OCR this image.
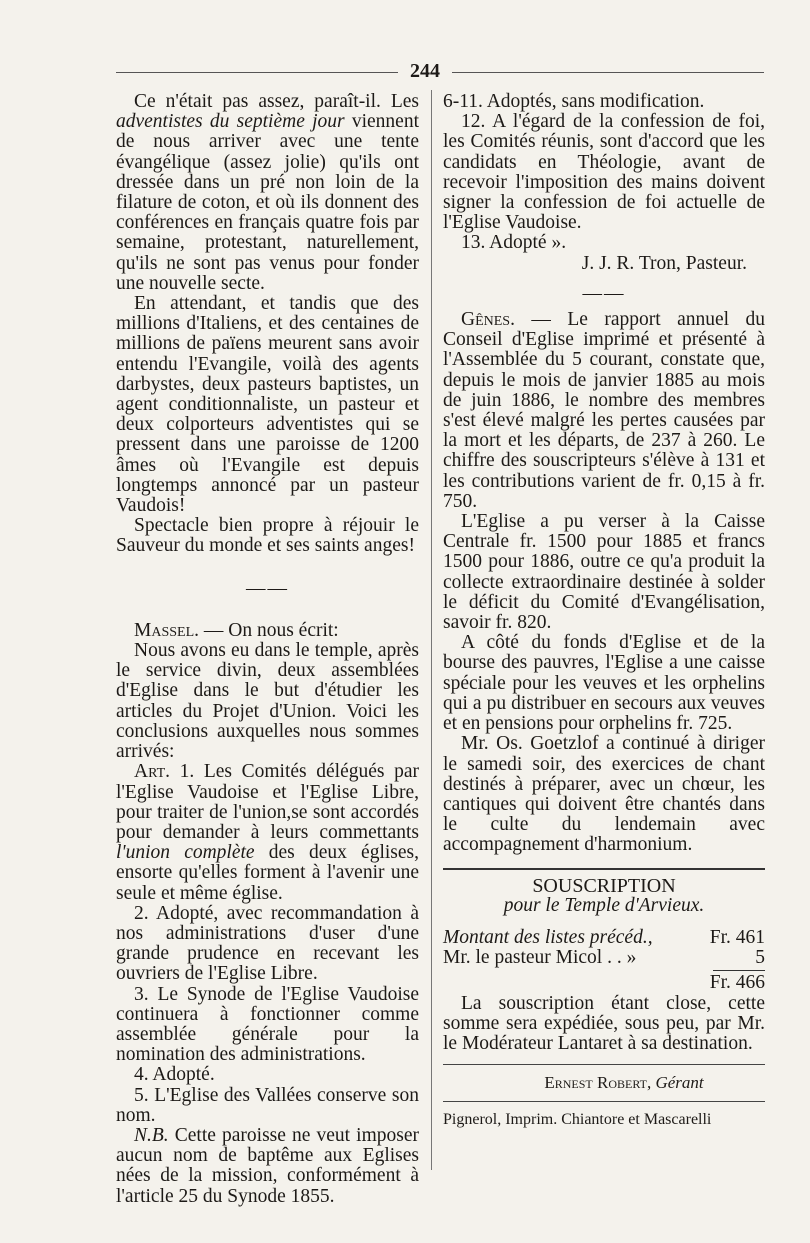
244

Ce n'était pas assez, paraît-il. Les adventistes du septième jour viennent de nous arriver avec une tente évangélique (assez jolie) qu'ils ont dressée dans un pré non loin de la filature de coton, et où ils donnent des conférences en français quatre fois par semaine, protestant, naturellement, qu'ils ne sont pas venus pour fonder une nouvelle secte.

En attendant, et tandis que des millions d'Italiens, et des centaines de millions de païens meurent sans avoir entendu l'Evangile, voilà des agents darbystes, deux pasteurs baptistes, un agent conditionnaliste, un pasteur et deux colporteurs adventistes qui se pressent dans une paroisse de 1200 âmes où l'Evangile est depuis longtemps annoncé par un pasteur Vaudois!

Spectacle bien propre à réjouir le Sauveur du monde et ses saints anges!

——

Massel. — On nous écrit:

Nous avons eu dans le temple, après le service divin, deux assemblées d'Eglise dans le but d'étudier les articles du Projet d'Union. Voici les conclusions auxquelles nous sommes arrivés:

Art. 1. Les Comités délégués par l'Eglise Vaudoise et l'Eglise Libre, pour traiter de l'union,se sont accordés pour demander à leurs commettants l'union complète des deux églises, ensorte qu'elles forment à l'avenir une seule et même église.

2. Adopté, avec recommandation à nos administrations d'user d'une grande prudence en recevant les ouvriers de l'Eglise Libre.

3. Le Synode de l'Eglise Vaudoise continuera à fonctionner comme assemblée générale pour la nomination des administrations.

4. Adopté.

5. L'Eglise des Vallées conserve son nom.

N.B. Cette paroisse ne veut imposer aucun nom de baptême aux Eglises nées de la mission, conformément à l'article 25 du Synode 1855.

6-11. Adoptés, sans modification.

12. A l'égard de la confession de foi, les Comités réunis, sont d'accord que les candidats en Théologie, avant de recevoir l'imposition des mains doivent signer la confession de foi actuelle de l'Eglise Vaudoise.

13. Adopté ».

J. J. R. Tron, Pasteur.

——

Gênes. — Le rapport annuel du Conseil d'Eglise imprimé et présenté à l'Assemblée du 5 courant, constate que, depuis le mois de janvier 1885 au mois de juin 1886, le nombre des membres s'est élevé malgré les pertes causées par la mort et les départs, de 237 à 260. Le chiffre des souscripteurs s'élève à 131 et les contributions varient de fr. 0,15 à fr. 750.

L'Eglise a pu verser à la Caisse Centrale fr. 1500 pour 1885 et francs 1500 pour 1886, outre ce qu'a produit la collecte extraordinaire destinée à solder le déficit du Comité d'Evangélisation, savoir fr. 820.

A côté du fonds d'Eglise et de la bourse des pauvres, l'Eglise a une caisse spéciale pour les veuves et les orphelins qui a pu distribuer en secours aux veuves et en pensions pour orphelins fr. 725.

Mr. Os. Goetzlof a continué à diriger le samedi soir, des exercices de chant destinés à préparer, avec un chœur, les cantiques qui doivent être chantés dans le culte du lendemain avec accompagnement d'harmonium.

SOUSCRIPTION
pour le Temple d'Arvieux.
Montant des listes précéd.,	Fr. 461
Mr. le pasteur Micol . . »	5
Fr. 466

La souscription étant close, cette somme sera expédiée, sous peu, par Mr. le Modérateur Lantaret à sa destination.

Ernest Robert, Gérant
Pignerol, Imprim. Chiantore et Mascarelli
